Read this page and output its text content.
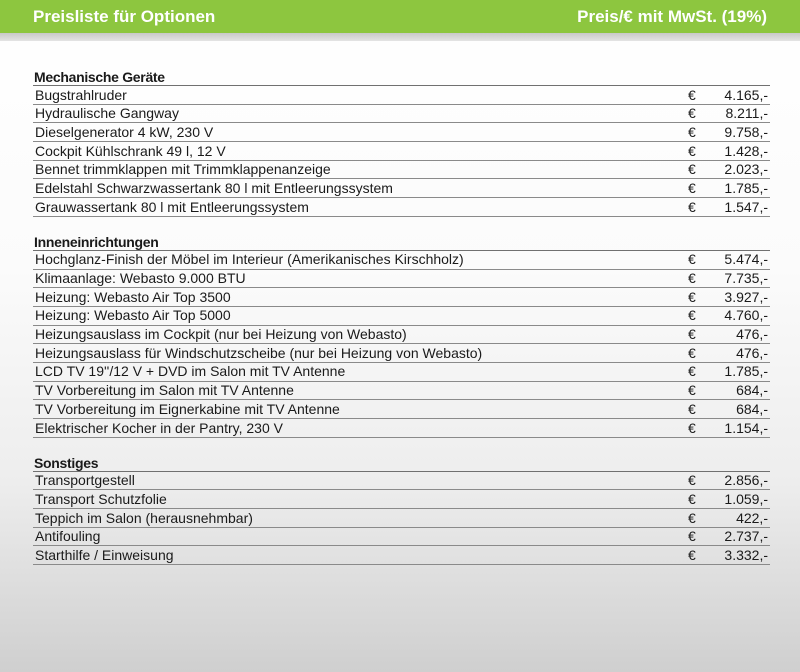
Preisliste für Optionen	Preis/€ mit MwSt. (19%)
Mechanische Geräte
Bugstrahlruder	€	4.165,-
Hydraulische Gangway	€	8.211,-
Dieselgenerator 4 kW, 230 V	€	9.758,-
Cockpit Kühlschrank 49 l, 12 V	€	1.428,-
Bennet trimmklappen mit Trimmklappenanzeige	€	2.023,-
Edelstahl Schwarzwassertank 80 l mit Entleerungssystem	€	1.785,-
Grauwassertank 80 l mit Entleerungssystem	€	1.547,-
Inneneinrichtungen
Hochglanz-Finish der Möbel im Interieur (Amerikanisches Kirschholz)	€	5.474,-
Klimaanlage: Webasto 9.000 BTU	€	7.735,-
Heizung: Webasto Air Top 3500	€	3.927,-
Heizung: Webasto Air Top 5000	€	4.760,-
Heizungsauslass im Cockpit (nur bei Heizung von Webasto)	€	476,-
Heizungsauslass für Windschutzscheibe (nur bei Heizung von Webasto)	€	476,-
LCD TV 19''/12 V + DVD im Salon mit TV Antenne	€	1.785,-
TV Vorbereitung im Salon mit TV Antenne	€	684,-
TV Vorbereitung im Eignerkabine mit TV Antenne	€	684,-
Elektrischer Kocher in der Pantry, 230 V	€	1.154,-
Sonstiges
Transportgestell	€	2.856,-
Transport Schutzfolie	€	1.059,-
Teppich im Salon (herausnehmbar)	€	422,-
Antifouling	€	2.737,-
Starthilfe / Einweisung	€	3.332,-
